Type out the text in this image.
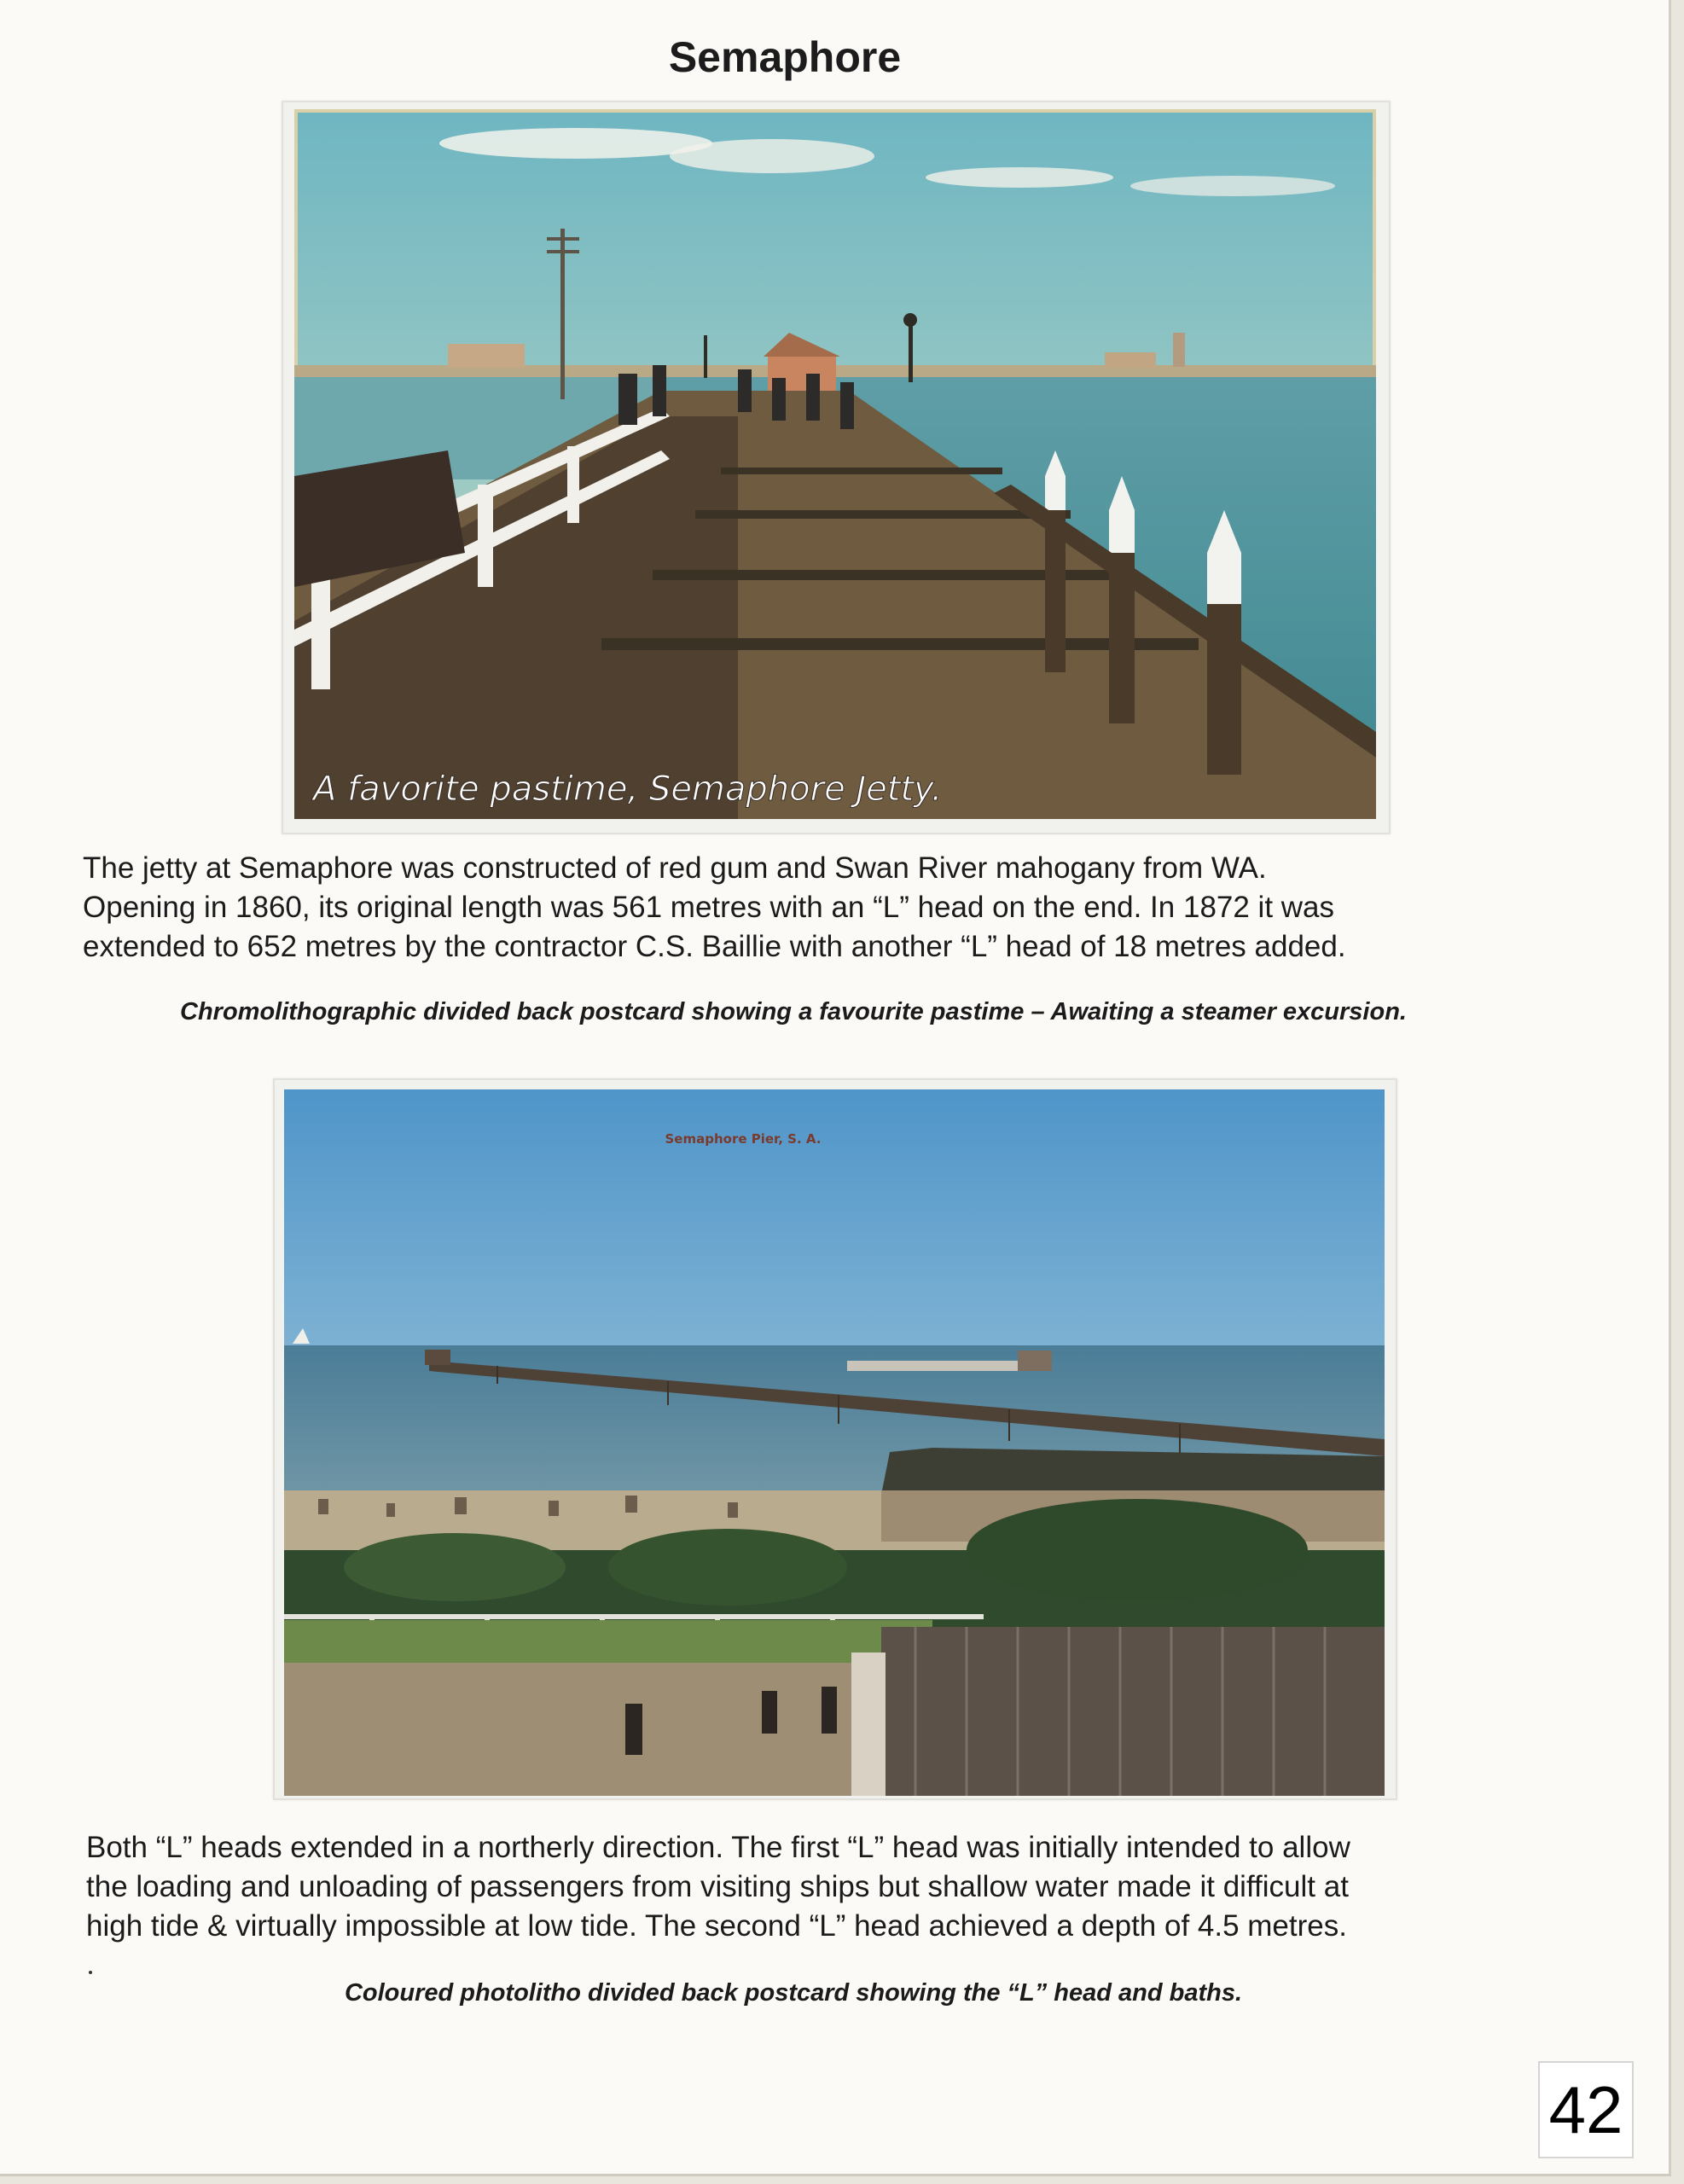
Semaphore
A favorite pastime, Semaphore Jetty.

The jetty at Semaphore was constructed of red gum and Swan River mahogany from WA.
Opening in 1860, its original length was 561 metres with an “L” head on the end. In 1872 it was
extended to 652 metres by the contractor C.S. Baillie with another “L” head of 18 metres added.

Chromolithographic divided back postcard showing a favourite pastime – Awaiting a steamer excursion.
Semaphore Pier, S. A.

Both “L” heads extended in a northerly direction. The first “L” head was initially intended to allow
the loading and unloading of passengers from visiting ships but shallow water made it difficult at
high tide & virtually impossible at low tide. The second “L” head achieved a depth of 4.5 metres.

Coloured photolitho divided back postcard showing the “L” head and baths.
42
